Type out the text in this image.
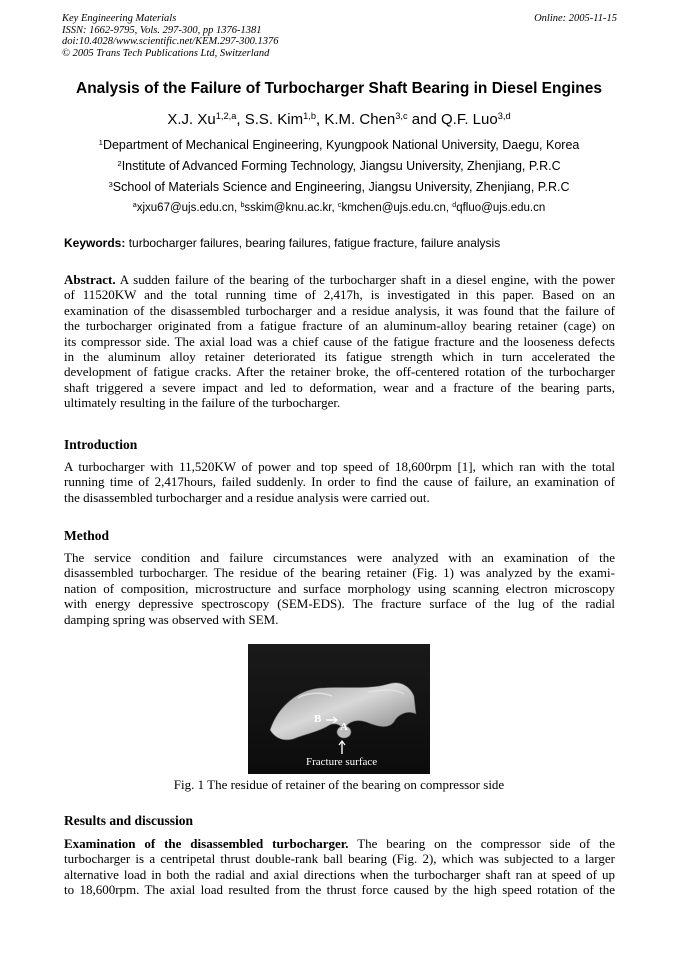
Key Engineering Materials
ISSN: 1662-9795, Vols. 297-300, pp 1376-1381
doi:10.4028/www.scientific.net/KEM.297-300.1376
© 2005 Trans Tech Publications Ltd, Switzerland
Online: 2005-11-15
Analysis of the Failure of Turbocharger Shaft Bearing in Diesel Engines
X.J. Xu$^{1,2,a}$, S.S. Kim$^{1,b}$, K.M. Chen$^{3,c}$ and Q.F. Luo$^{3,d}$
$^1$Department of Mechanical Engineering, Kyungpook National University, Daegu, Korea
$^2$Institute of Advanced Forming Technology, Jiangsu University, Zhenjiang, P.R.C
$^3$School of Materials Science and Engineering, Jiangsu University, Zhenjiang, P.R.C
$^a$xjxu67@ujs.edu.cn, $^b$sskim@knu.ac.kr, $^c$kmchen@ujs.edu.cn, $^d$qfluo@ujs.edu.cn
Keywords: turbocharger failures, bearing failures, fatigue fracture, failure analysis
Abstract. A sudden failure of the bearing of the turbocharger shaft in a diesel engine, with the power
of 11520KW and the total running time of 2,417h, is investigated in this paper. Based on an
examination of the disassembled turbocharger and a residue analysis, it was found that the failure of
the turbocharger originated from a fatigue fracture of an aluminum-alloy bearing retainer (cage) on
its compressor side. The axial load was a chief cause of the fatigue fracture and the looseness defects
in the aluminum alloy retainer deteriorated its fatigue strength which in turn accelerated the
development of fatigue cracks. After the retainer broke, the off-centered rotation of the turbocharger
shaft triggered a severe impact and led to deformation, wear and a fracture of the bearing parts,
ultimately resulting in the failure of the turbocharger.
Introduction
A turbocharger with 11,520KW of power and top speed of 18,600rpm [1], which ran with the total
running time of 2,417hours, failed suddenly. In order to find the cause of failure, an examination of
the disassembled turbocharger and a residue analysis were carried out.
Method
The service condition and failure circumstances were analyzed with an examination of the
disassembled turbocharger. The residue of the bearing retainer (Fig. 1) was analyzed by the exami-
nation of composition, microstructure and surface morphology using scanning electron microscopy
with energy depressive spectroscopy (SEM-EDS). The fracture surface of the lug of the radial
damping spring was observed with SEM.
B
A
Fracture surface
Fig. 1 The residue of retainer of the bearing on compressor side
Results and discussion
Examination of the disassembled turbocharger. The bearing on the compressor side of the
turbocharger is a centripetal thrust double-rank ball bearing (Fig. 2), which was subjected to a larger
alternative load in both the radial and axial directions when the turbocharger shaft ran at speed of up
to 18,600rpm. The axial load resulted from the thrust force caused by the high speed rotation of the
